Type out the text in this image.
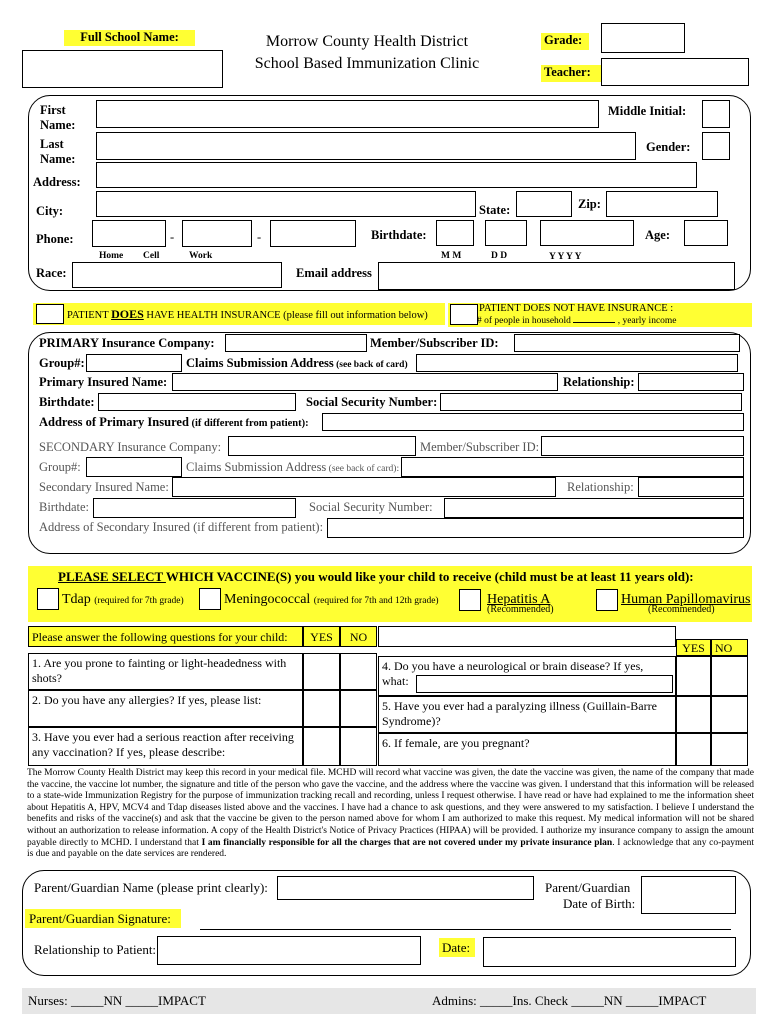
Full School Name:	Morrow County Health District
School Based Immunization Clinic
Grade:
Teacher:
First Name:
Middle Initial:
Last Name:
Gender:
Address:
City:	State:	Zip:
Phone:	-	-	Birthdate:	Age:
Home Cell	Work	M M	D D	Y Y Y Y
Race:	Email address
PATIENT DOES HAVE HEALTH INSURANCE (please fill out information below)
PATIENT DOES NOT HAVE INSURANCE :
# of people in household	, yearly income
PRIMARY Insurance Company:	Member/Subscriber ID:
Group#:	Claims Submission Address (see back of card)
Primary Insured Name:	Relationship:
Birthdate:	Social Security Number:
Address of Primary Insured (if different from patient):
SECONDARY Insurance Company:	Member/Subscriber ID:
Group#:	Claims Submission Address (see back of card):
Secondary Insured Name:	Relationship:
Birthdate:	Social Security Number:
Address of Secondary Insured (if different from patient):
PLEASE SELECT WHICH VACCINE(S) you would like your child to receive (child must be at least 11 years old):
Tdap (required for 7th grade)	Meningococcal (required for 7th and 12th grade)	Hepatitis A
(Recommended)
Human Papillomavirus
(Recommended)
Please answer the following questions for your child:	YES	NO
1. Are you prone to fainting or light-headedness with shots?
2. Do you have any allergies? If yes, please list:
3. Have you ever had a serious reaction after receiving any vaccination? If yes, please describe:
YES NO
4. Do you have a neurological or brain disease? If yes, what:
5. Have you ever had a paralyzing illness (Guillain-Barre Syndrome)?
6. If female, are you pregnant?
The Morrow County Health District may keep this record in your medical file. MCHD will record what vaccine was given, the date the vaccine was given, the name of the company that made the vaccine, the vaccine lot number, the signature and title of the person who gave the vaccine, and the address where the vaccine was given. I understand that this information will be released to a state-wide Immunization Registry for the purpose of immunization tracking recall and recording, unless I request otherwise. I have read or have had explained to me the information sheet about Hepatitis A, HPV, MCV4 and Tdap diseases listed above and the vaccines. I have had a chance to ask questions, and they were answered to my satisfaction. I believe I understand the benefits and risks of the vaccine(s) and ask that the vaccine be given to the person named above for whom I am authorized to make this request. My medical information will not be shared without an authorization to release information. A copy of the Health District's Notice of Privacy Practices (HIPAA) will be provided. I authorize my insurance company to assign the amount payable directly to MCHD. I understand that I am financially responsible for all the charges that are not covered under my private insurance plan. I acknowledge that any co-payment is due and payable on the date services are rendered.
Parent/Guardian Name (please print clearly):	Parent/Guardian
Date of Birth:
Parent/Guardian Signature:
Relationship to Patient:	Date:
Nurses: _____NN _____IMPACT	Admins: _____Ins. Check _____NN _____IMPACT
